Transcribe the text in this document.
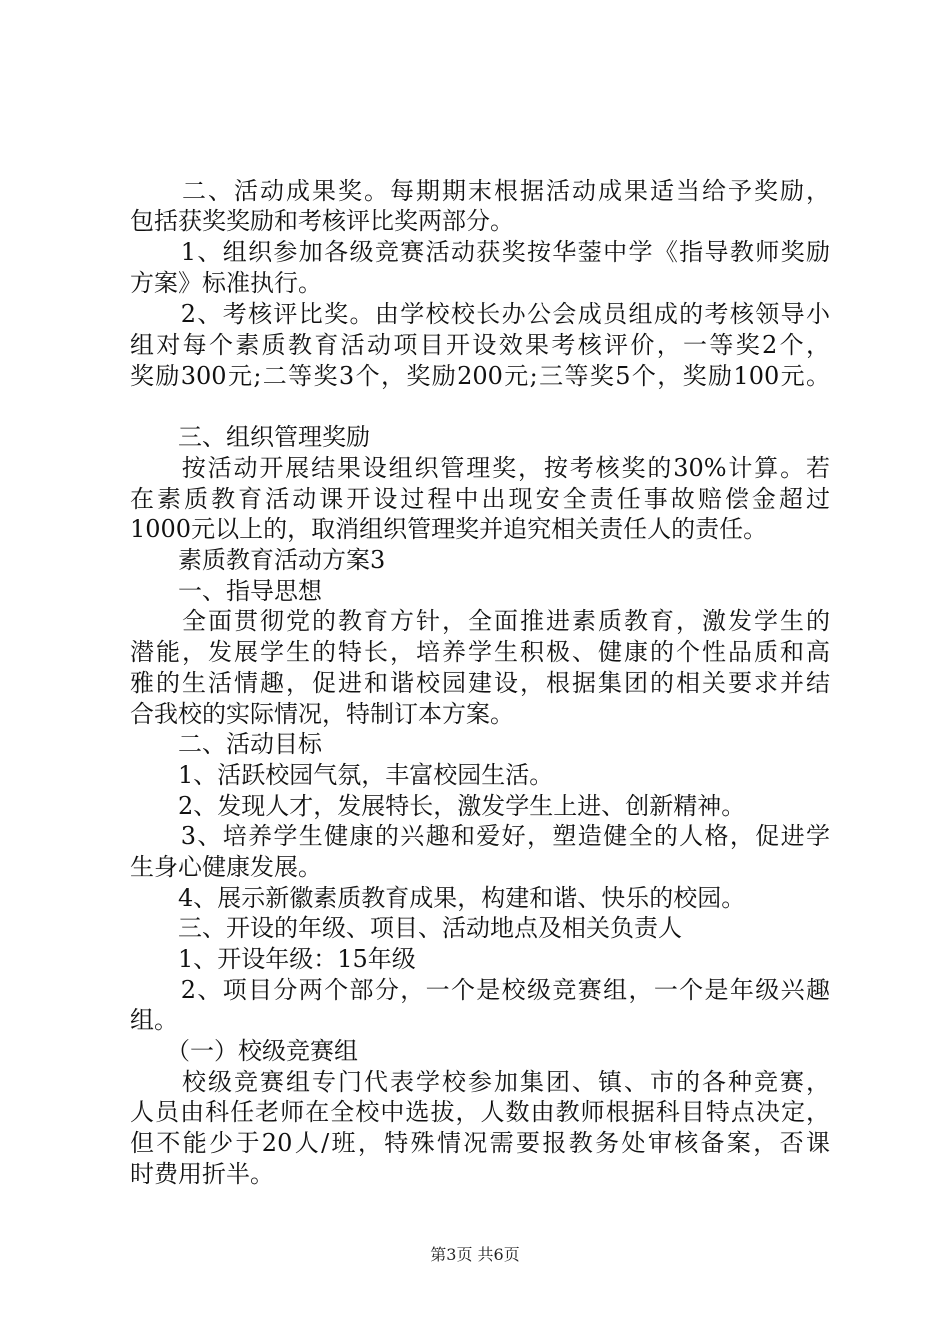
　　二、活动成果奖。每期期末根据活动成果适当给予奖励，
包括获奖奖励和考核评比奖两部分。
　　1、组织参加各级竞赛活动获奖按华蓥中学《指导教师奖励
方案》标准执行。
　　2、考核评比奖。由学校校长办公会成员组成的考核领导小
组对每个素质教育活动项目开设效果考核评价，一等奖2个，
奖励300元;二等奖3个，奖励200元;三等奖5个，奖励100元。
　　三、组织管理奖励
　　按活动开展结果设组织管理奖，按考核奖的30%计算。若
在素质教育活动课开设过程中出现安全责任事故赔偿金超过
1000元以上的，取消组织管理奖并追究相关责任人的责任。
　　素质教育活动方案3
　　一、指导思想
　　全面贯彻党的教育方针，全面推进素质教育，激发学生的
潜能，发展学生的特长，培养学生积极、健康的个性品质和高
雅的生活情趣，促进和谐校园建设，根据集团的相关要求并结
合我校的实际情况，特制订本方案。
　　二、活动目标
　　1、活跃校园气氛，丰富校园生活。
　　2、发现人才，发展特长，激发学生上进、创新精神。
　　3、培养学生健康的兴趣和爱好，塑造健全的人格，促进学
生身心健康发展。
　　4、展示新徽素质教育成果，构建和谐、快乐的校园。
　　三、开设的年级、项目、活动地点及相关负责人
　　1、开设年级：15年级
　　2、项目分两个部分，一个是校级竞赛组，一个是年级兴趣
组。
　　（一）校级竞赛组
　　校级竞赛组专门代表学校参加集团、镇、市的各种竞赛，
人员由科任老师在全校中选拔，人数由教师根据科目特点决定，
但不能少于20人/班，特殊情况需要报教务处审核备案，否课
时费用折半。
第3页 共6页
